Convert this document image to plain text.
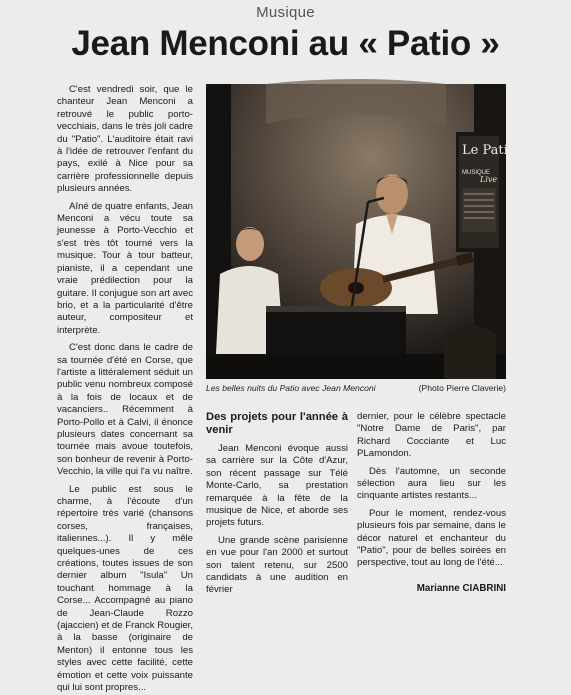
Musique
Jean Menconi au « Patio »

C'est vendredi soir, que le chanteur Jean Menconi a retrouvé le public porto-vecchiais, dans le très joli cadre du "Patio". L'auditoire était ravi à l'idée de retrouver l'enfant du pays, exilé à Nice pour sa carrière professionnelle depuis plusieurs années.

Aîné de quatre enfants, Jean Menconi a vécu toute sa jeunesse à Porto-Vecchio et s'est très tôt tourné vers la musique. Tour à tour batteur, pianiste, il a cependant une vraie prédilection pour la guitare. Il conjugue son art avec brio, et a la particularité d'être auteur, compositeur et interprète.

C'est donc dans le cadre de sa tournée d'été en Corse, que l'artiste a littéralement séduit un public venu nombreux composé à la fois de locaux et de vacanciers.. Récemment à Porto-Pollo et à Calvi, il énonce plusieurs dates concernant sa tournée mais avoue toutefois, son bonheur de revenir à Porto-Vecchio, la ville qui l'a vu naître.

Le public est sous le charme, à l'écoute d'un répertoire très varié (chansons corses, françaises, italiennes...). Il y mêle quelques-unes de ces créations, toutes issues de son dernier album "Isula" Un touchant hommage à la Corse... Accompagné au piano de Jean-Claude Rozzo (ajaccien) et de Franck Rougier, à la basse (originaire de Menton) il entonne tous les styles avec cette facilité, cette émotion et cette voix puissante qui lui sont propres...

Le Patio
MUSIQUE
Live
Les belles nuits du Patio avec Jean Menconi	(Photo Pierre Claverie)
Des projets pour l'année à venir

Jean Menconi évoque aussi sa carrière sur la Côte d'Azur, son récent passage sur Télé Monte-Carlo, sa prestation remarquée à la fête de la musique de Nice, et aborde ses projets futurs.

Une grande scène parisienne en vue pour l'an 2000 et surtout son talent retenu, sur 2500 candidats à une audition en février

dernier, pour le célèbre spectacle "Notre Dame de Paris", par Richard Cocciante et Luc PLamondon.

Dès l'automne, un seconde sélection aura lieu sur les cinquante artistes restants...

Pour le moment, rendez-vous plusieurs fois par semaine, dans le décor naturel et enchanteur du "Patio", pour de belles soirées en perspective, tout au long de l'été...

Marianne CIABRINI
